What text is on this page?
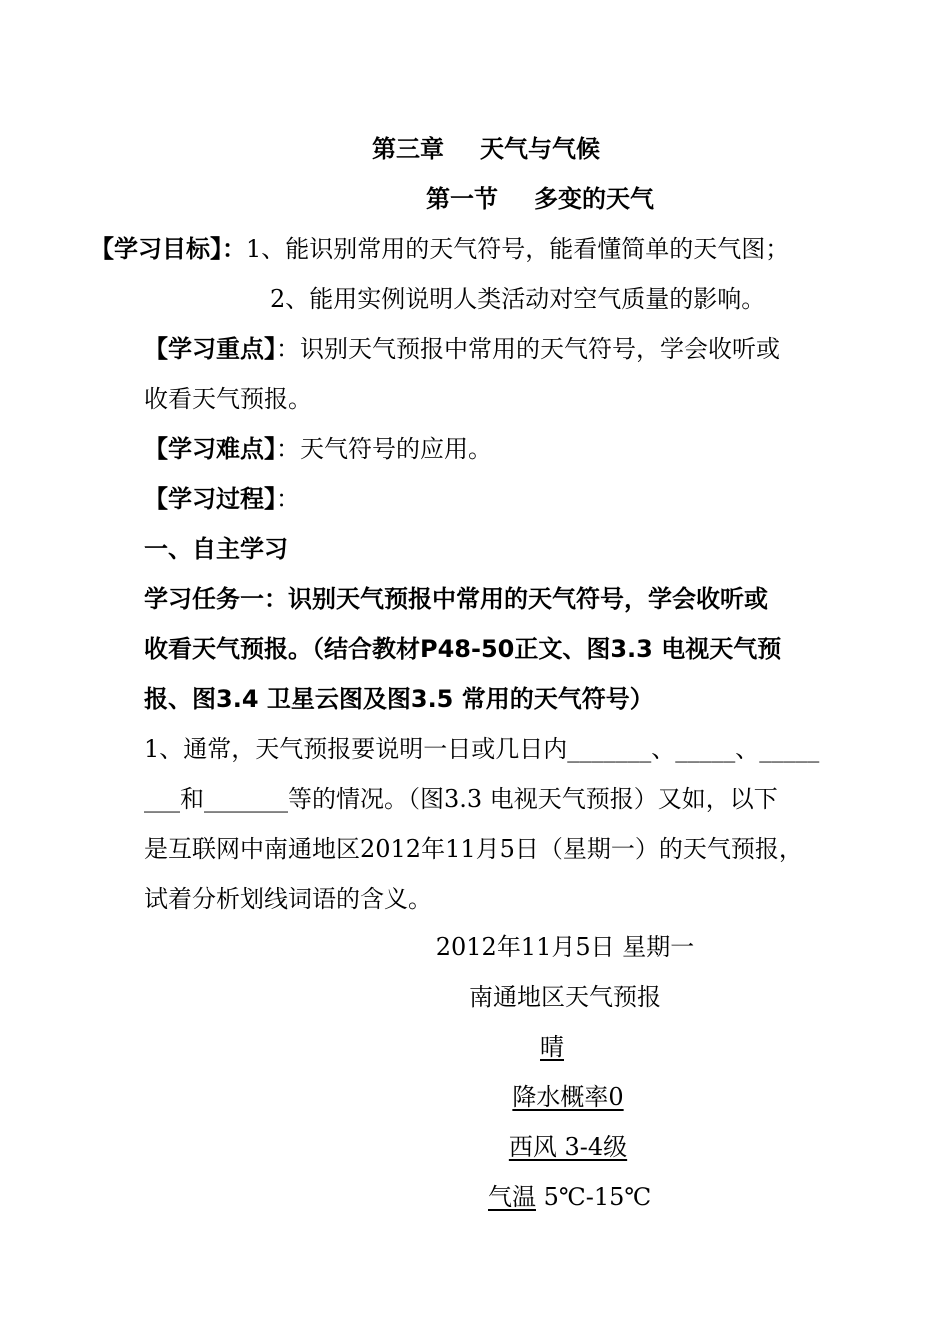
第三章 天气与气候
第一节 多变的天气
【学习目标】：1、能识别常用的天气符号，能看懂简单的天气图；
2、能用实例说明人类活动对空气质量的影响。
【学习重点】：识别天气预报中常用的天气符号，学会收听或
收看天气预报。
【学习难点】：天气符号的应用。
【学习过程】：
一、自主学习
学习任务一：识别天气预报中常用的天气符号，学会收听或
收看天气预报。（结合教材P48-50正文、图3.3 电视天气预
报、图3.4 卫星云图及图3.5 常用的天气符号）
1、通常，天气预报要说明一日或几日内_______、_____、_____
___和_______等的情况。（图3.3 电视天气预报）又如，以下
是互联网中南通地区2012年11月5日（星期一）的天气预报，
试着分析划线词语的含义。
2012年11月5日 星期一
南通地区天气预报
晴
降水概率0
西风 3-4级
气温 5℃-15℃
